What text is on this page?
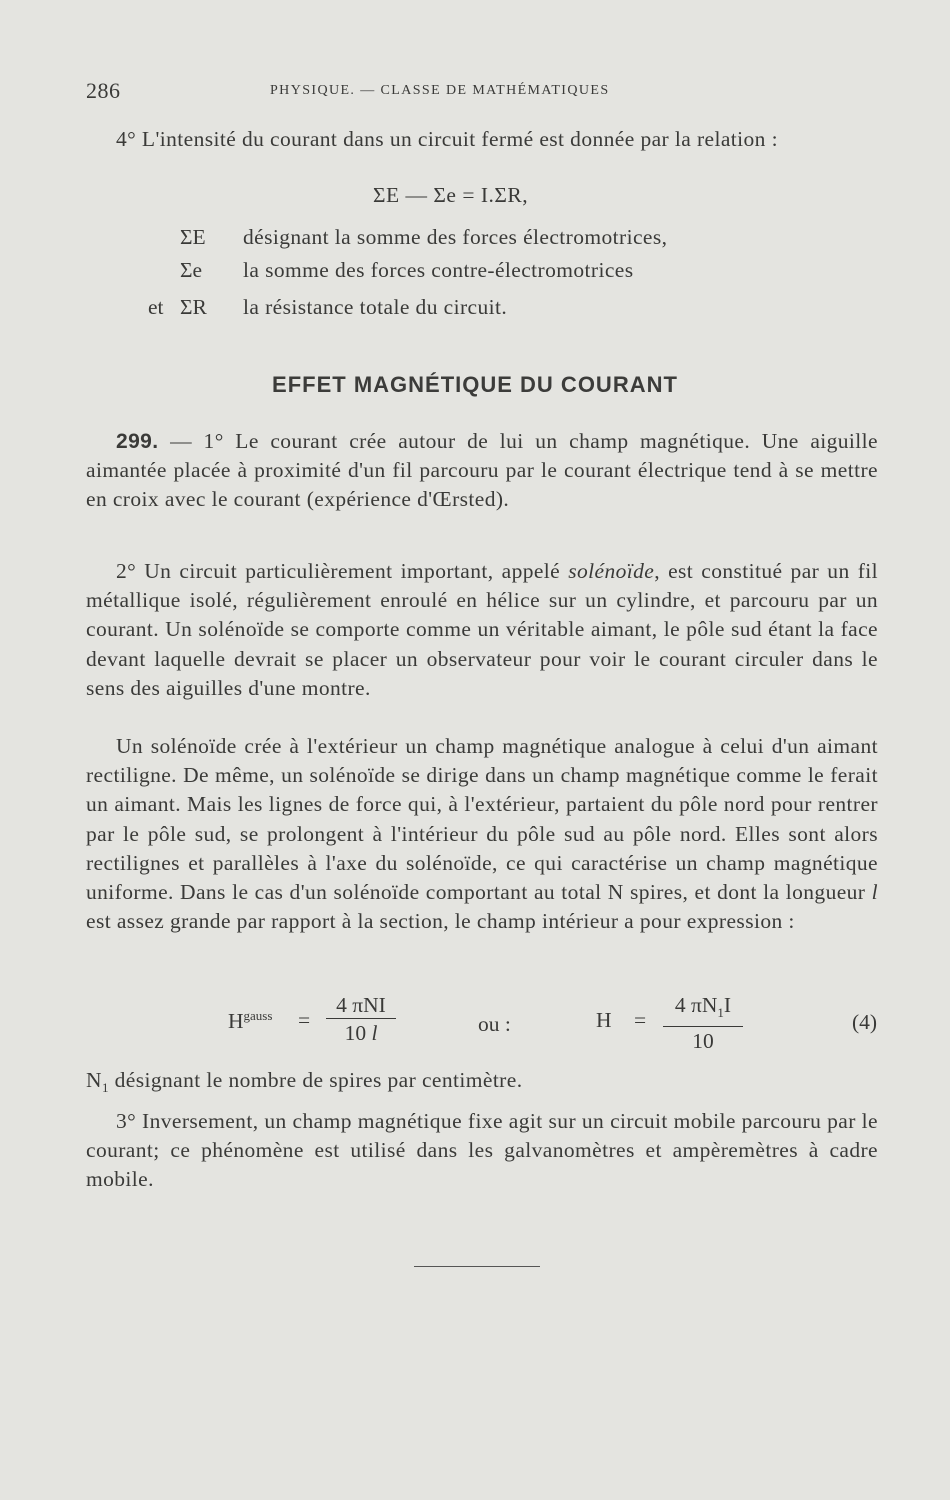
286	PHYSIQUE. — CLASSE DE MATHÉMATIQUES

4° L'intensité du courant dans un circuit fermé est donnée par la relation :

ΣE — Σe = I.ΣR,
ΣE désignant la somme des forces électromotrices,
Σe la somme des forces contre-électromotrices
et ΣR la résistance totale du circuit.
EFFET MAGNÉTIQUE DU COURANT

299. — 1° Le courant crée autour de lui un champ magnétique. Une aiguille aimantée placée à proximité d'un fil parcouru par le courant électrique tend à se mettre en croix avec le courant (expérience d'Œrsted).

2° Un circuit particulièrement important, appelé solénoïde, est constitué par un fil métallique isolé, régulièrement enroulé en hélice sur un cylindre, et parcouru par un courant. Un solénoïde se comporte comme un véritable aimant, le pôle sud étant la face devant laquelle devrait se placer un observateur pour voir le courant circuler dans le sens des aiguilles d'une montre.

Un solénoïde crée à l'extérieur un champ magnétique analogue à celui d'un aimant rectiligne. De même, un solénoïde se dirige dans un champ magnétique comme le ferait un aimant. Mais les lignes de force qui, à l'extérieur, partaient du pôle nord pour rentrer par le pôle sud, se prolongent à l'intérieur du pôle sud au pôle nord. Elles sont alors rectilignes et parallèles à l'axe du solénoïde, ce qui caractérise un champ magnétique uniforme. Dans le cas d'un solénoïde comportant au total N spires, et dont la longueur l est assez grande par rapport à la section, le champ intérieur a pour expression :

$H^{gauss}$ =
4 πNI
10 l	ou :	$H = \frac{4 \pi N_1I}{10}$	(4)

$N_1$ désignant le nombre de spires par centimètre.

3° Inversement, un champ magnétique fixe agit sur un circuit mobile parcouru par le courant; ce phénomène est utilisé dans les galvanomètres et ampèremètres à cadre mobile.
